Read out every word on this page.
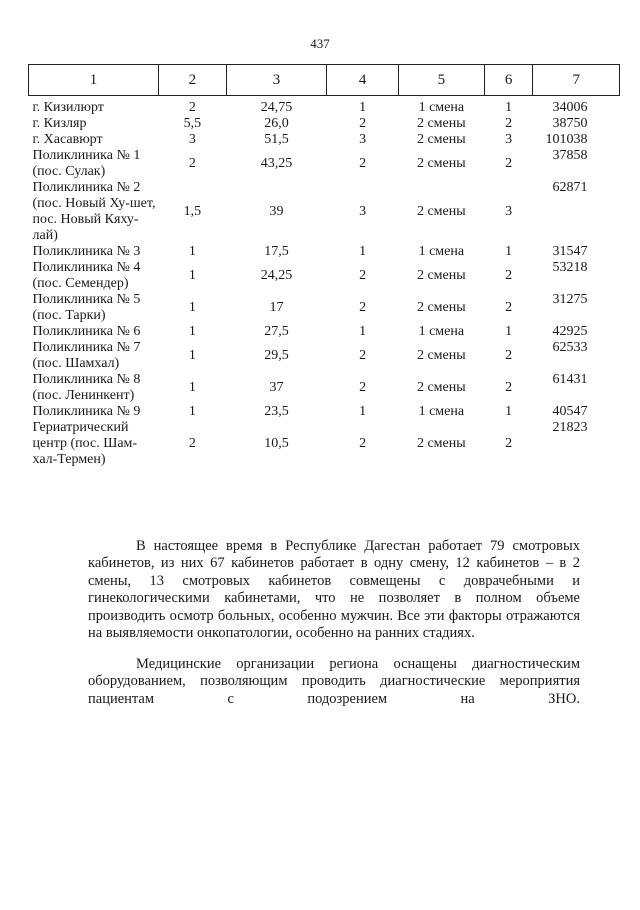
437
1	2	3	4	5	6	7

г. Кизилюрт	2	24,75	1	1 смена	1	34006
г. Кизляр	5,5	26,0	2	2 смены	2	38750
г. Хасавюрт	3	51,5	3	2 смены	3	101038
Поликлиника № 1 (пос. Сулак)	2	43,25	2	2 смены	2	37858
Поликлиника № 2 (пос. Новый Ху-шет, пос. Новый Кяху-лай)	1,5	39	3	2 смены	3	62871
Поликлиника № 3	1	17,5	1	1 смена	1	31547
Поликлиника № 4 (пос. Семендер)	1	24,25	2	2 смены	2	53218
Поликлиника № 5 (пос. Тарки)	1	17	2	2 смены	2	31275
Поликлиника № 6	1	27,5	1	1 смена	1	42925
Поликлиника № 7 (пос. Шамхал)	1	29,5	2	2 смены	2	62533
Поликлиника № 8 (пос. Ленинкент)	1	37	2	2 смены	2	61431
Поликлиника № 9	1	23,5	1	1 смена	1	40547
Гериатрический центр (пос. Шам-хал-Термен)	2	10,5	2	2 смены	2	21823

В настоящее время в Республике Дагестан работает 79 смотровых кабинетов, из них 67 кабинетов работает в одну смену, 12 кабинетов – в 2 смены, 13 смотровых кабинетов совмещены с доврачебными и гинекологическими кабинетами, что не позволяет в полном объеме производить осмотр больных, особенно мужчин. Все эти факторы отражаются на выявляемости онкопатологии, особенно на ранних стадиях.

Медицинские организации региона оснащены диагностическим оборудованием, позволяющим проводить диагностические мероприятия пациентам с подозрением на ЗНО.
